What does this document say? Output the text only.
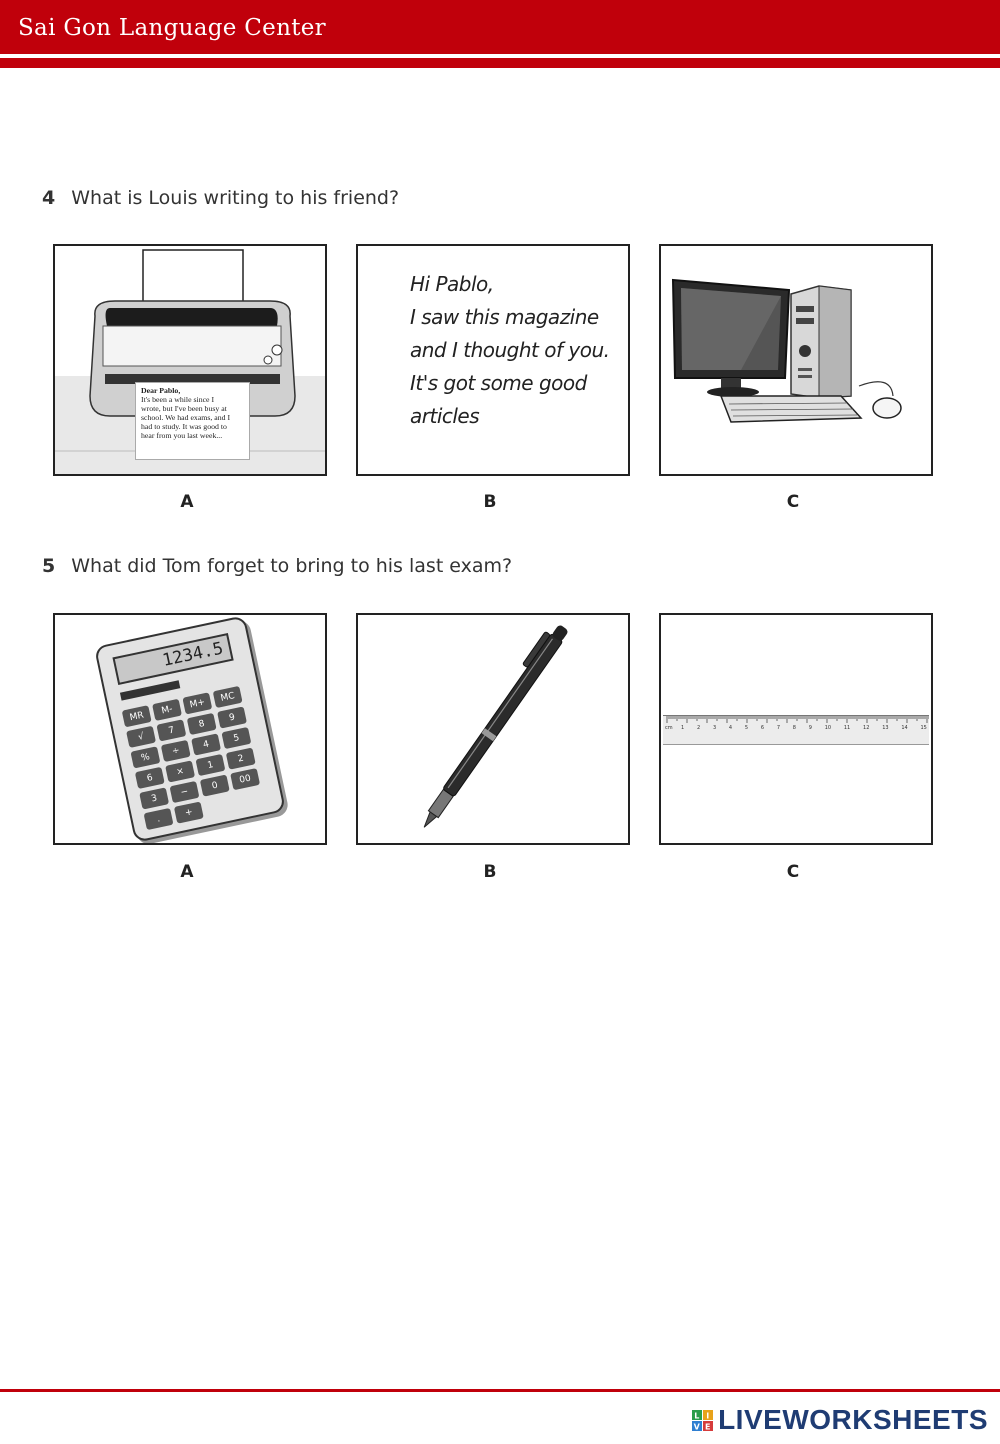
Sai Gon Language Center
4 What is Louis writing to his friend?
Dear Pablo,
It's been a while since I
wrote, but I've been busy at
school. We had exams, and I
had to study. It was good to
hear from you last week...
A
Hi Pablo,
I saw this magazine
and I thought of you.
It's got some good
articles
B	C
5 What did Tom forget to bring to his last exam?
1234.5
MR
M-	M+	MC
√
7
8
9
%
÷
4
5
6
×
1
2
3
−
0
00
.
+
A	B
cm 1	2	3	4	5	6	7	8	9	10	11	12	13	14	15
C
L I
V E LIVEWORKSHEETS
